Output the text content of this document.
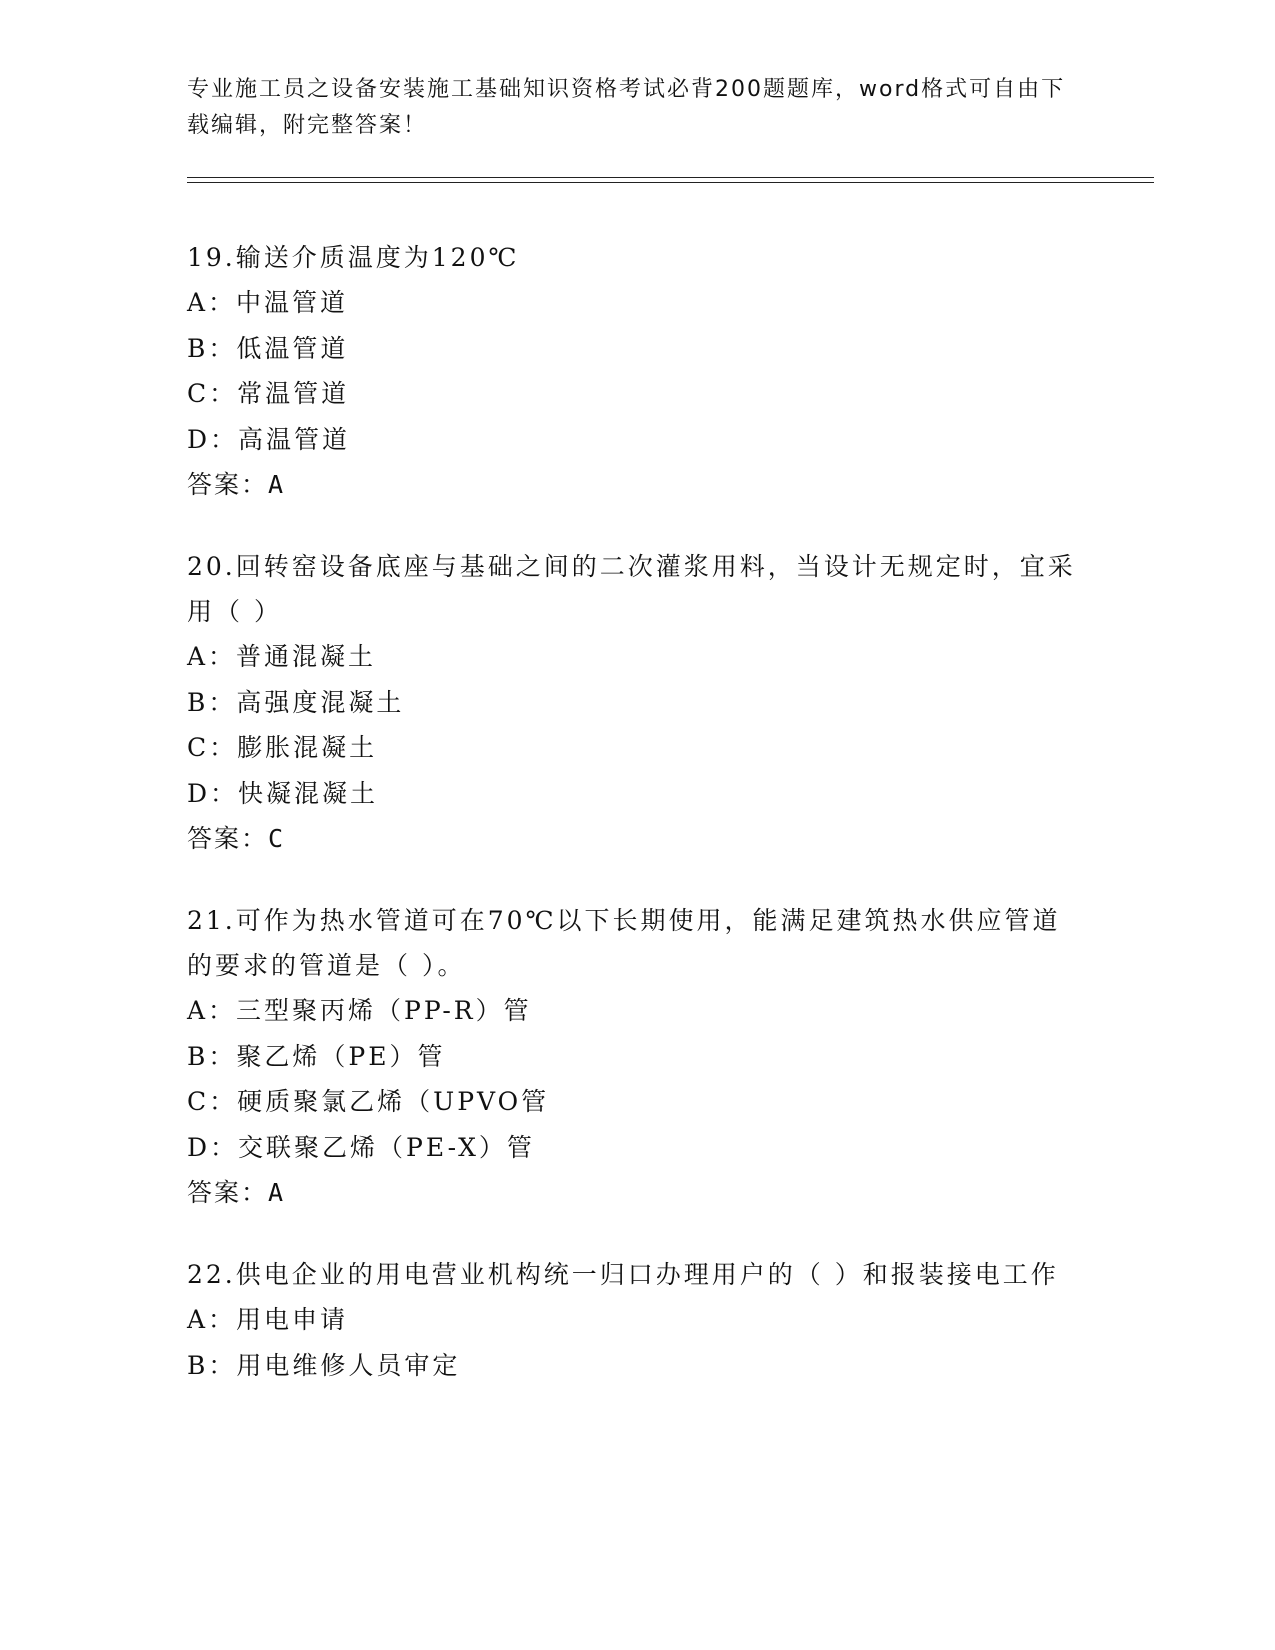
专业施工员之设备安装施工基础知识资格考试必背200题题库，word格式可自由下载编辑，附完整答案！

19.输送介质温度为120℃

A：中温管道

B：低温管道

C：常温管道

D：高温管道

答案：A

20.回转窑设备底座与基础之间的二次灌浆用料，当设计无规定时，宜采用（ ）

A：普通混凝土

B：高强度混凝土

C：膨胀混凝土

D：快凝混凝土

答案：C

21.可作为热水管道可在70℃以下长期使用，能满足建筑热水供应管道的要求的管道是（ ）。

A：三型聚丙烯（PP-R）管

B：聚乙烯（PE）管

C：硬质聚氯乙烯（UPVO管

D：交联聚乙烯（PE-X）管

答案：A

22.供电企业的用电营业机构统一归口办理用户的（ ）和报装接电工作

A：用电申请

B：用电维修人员审定
